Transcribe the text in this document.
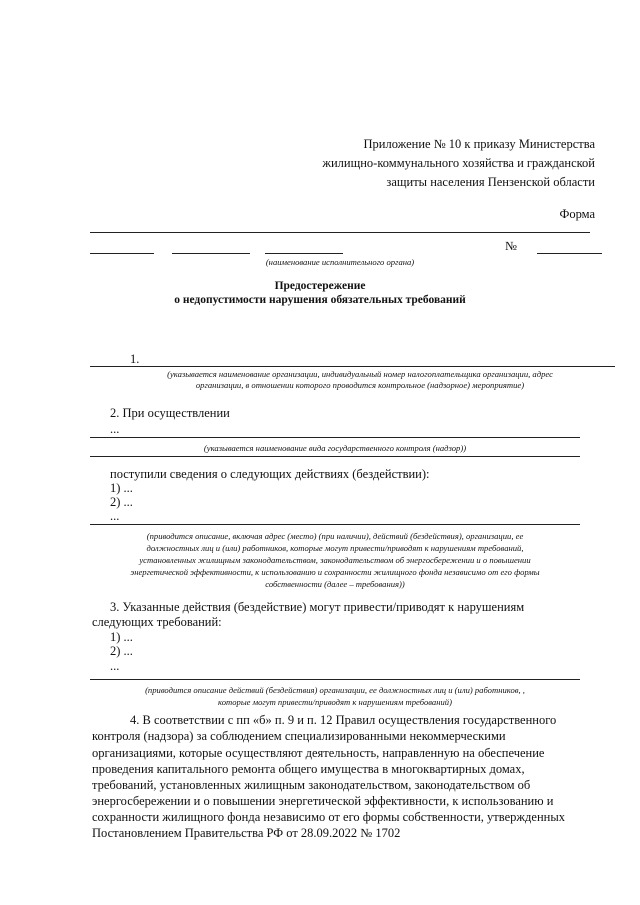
Приложение № 10 к приказу Министерства
жилищно-коммунального хозяйства и гражданской
защиты населения Пензенской области
Форма
№
(наименование исполнительного органа)
Предостережение
о недопустимости нарушения обязательных требований
1.
(указывается наименование организации, индивидуальный номер налогоплательщика организации, адрес
организации, в отношении которого проводится контрольное (надзорное) мероприятие)
2. При осуществлении
...
(указывается наименование вида государственного контроля (надзор))
поступили сведения о следующих действиях (бездействии):
1) ...
2) ...
...
(приводится описание, включая адрес (место) (при наличии), действий (бездействия), организации, ее
должностных лиц и (или) работников, которые могут привести/приводят к нарушениям требований,
установленных жилищным законодательством, законодательством об энергосбережении и о повышении
энергетической эффективности, к использованию и сохранности жилищного фонда независимо от его формы
собственности (далее – требования))
3. Указанные действия (бездействие) могут привести/приводят к нарушениям
следующих требований:
1) ...
2) ...
...
(приводится описание действий (бездействия) организации, ее должностных лиц и (или) работников, ,
которые могут привести/приводят к нарушениям требований)
4. В соответствии с пп «б» п. 9 и п. 12 Правил осуществления государственного
контроля (надзора) за соблюдением специализированными некоммерческими
организациями, которые осуществляют деятельность, направленную на обеспечение
проведения капитального ремонта общего имущества в многоквартирных домах,
требований, установленных жилищным законодательством, законодательством об
энергосбережении и о повышении энергетической эффективности, к использованию и
сохранности жилищного фонда независимо от его формы собственности, утвержденных
Постановлением Правительства РФ от 28.09.2022 № 1702
